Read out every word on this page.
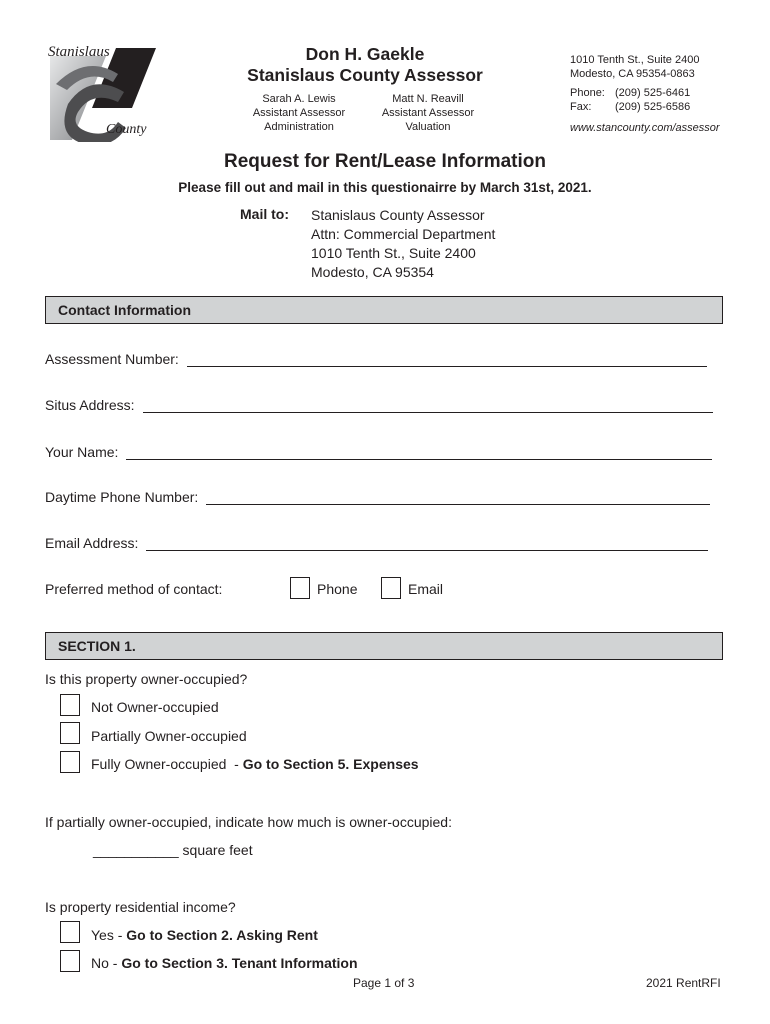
Stanislaus
County
Don H. Gaekle
Stanislaus County Assessor
Sarah A. Lewis
Assistant Assessor
Administration
Matt N. Reavill
Assistant Assessor
Valuation
1010 Tenth St., Suite 2400
Modesto, CA 95354-0863
Phone: (209) 525-6461
Fax: (209) 525-6586
www.stancounty.com/assessor
Request for Rent/Lease Information
Please fill out and mail in this questionairre by March 31st, 2021.
Mail to: Stanislaus County Assessor
Attn: Commercial Department
1010 Tenth St., Suite 2400
Modesto, CA 95354
Contact Information
Assessment Number:
Situs Address:
Your Name:
Daytime Phone Number:
Email Address:
Preferred method of contact:	Phone	Email
SECTION 1.
Is this property owner-occupied?
Not Owner-occupied
Partially Owner-occupied
Fully Owner-occupied  - Go to Section 5. Expenses
If partially owner-occupied, indicate how much is owner-occupied:
___________ square feet
Is property residential income?
Yes - Go to Section 2. Asking Rent
No - Go to Section 3. Tenant Information
Page 1 of 3	2021 RentRFI
